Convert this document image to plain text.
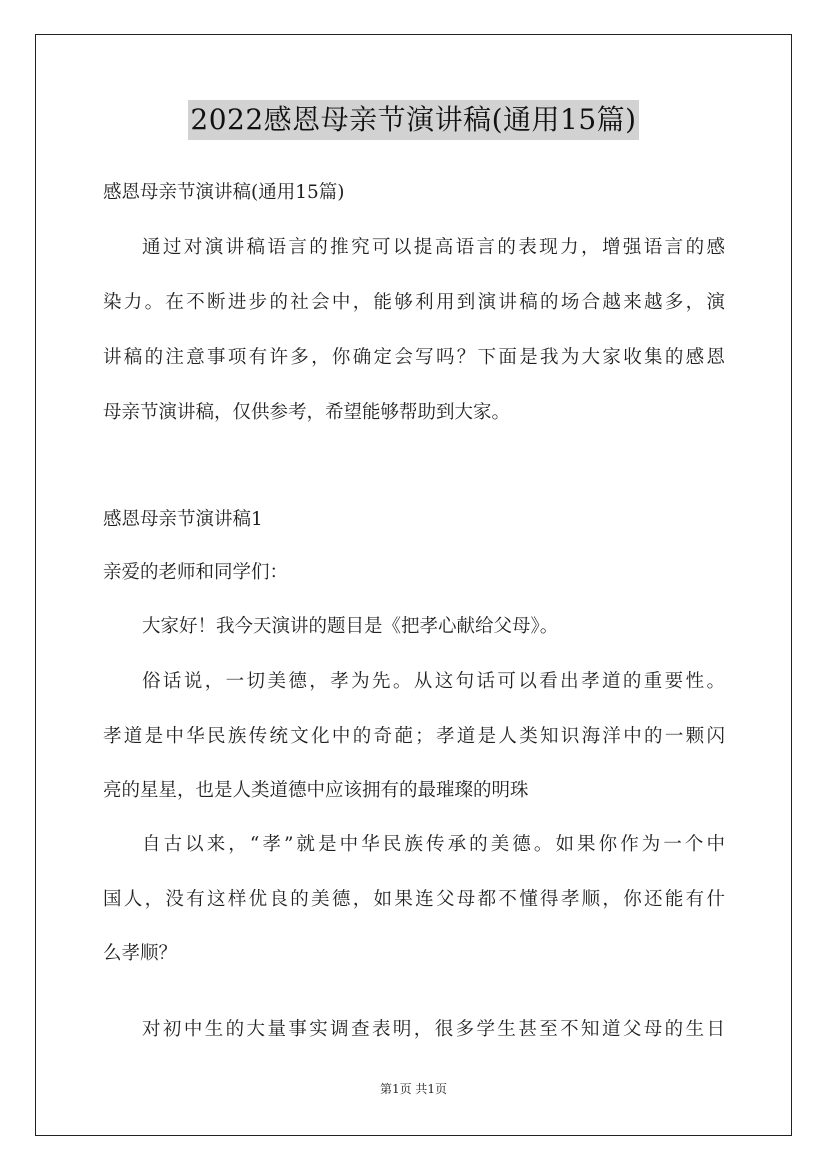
2022感恩母亲节演讲稿(通用15篇)
感恩母亲节演讲稿(通用15篇)
通过对演讲稿语言的推究可以提高语言的表现力，增强语言的感
染力。在不断进步的社会中，能够利用到演讲稿的场合越来越多，演
讲稿的注意事项有许多，你确定会写吗？下面是我为大家收集的感恩
母亲节演讲稿，仅供参考，希望能够帮助到大家。
感恩母亲节演讲稿1
亲爱的老师和同学们：
大家好！我今天演讲的题目是《把孝心献给父母》。
俗话说，一切美德，孝为先。从这句话可以看出孝道的重要性。
孝道是中华民族传统文化中的奇葩；孝道是人类知识海洋中的一颗闪
亮的星星，也是人类道德中应该拥有的最璀璨的明珠
自古以来，“孝”就是中华民族传承的美德。如果你作为一个中
国人，没有这样优良的美德，如果连父母都不懂得孝顺，你还能有什
么孝顺？
对初中生的大量事实调查表明，很多学生甚至不知道父母的生日
第1页 共1页
